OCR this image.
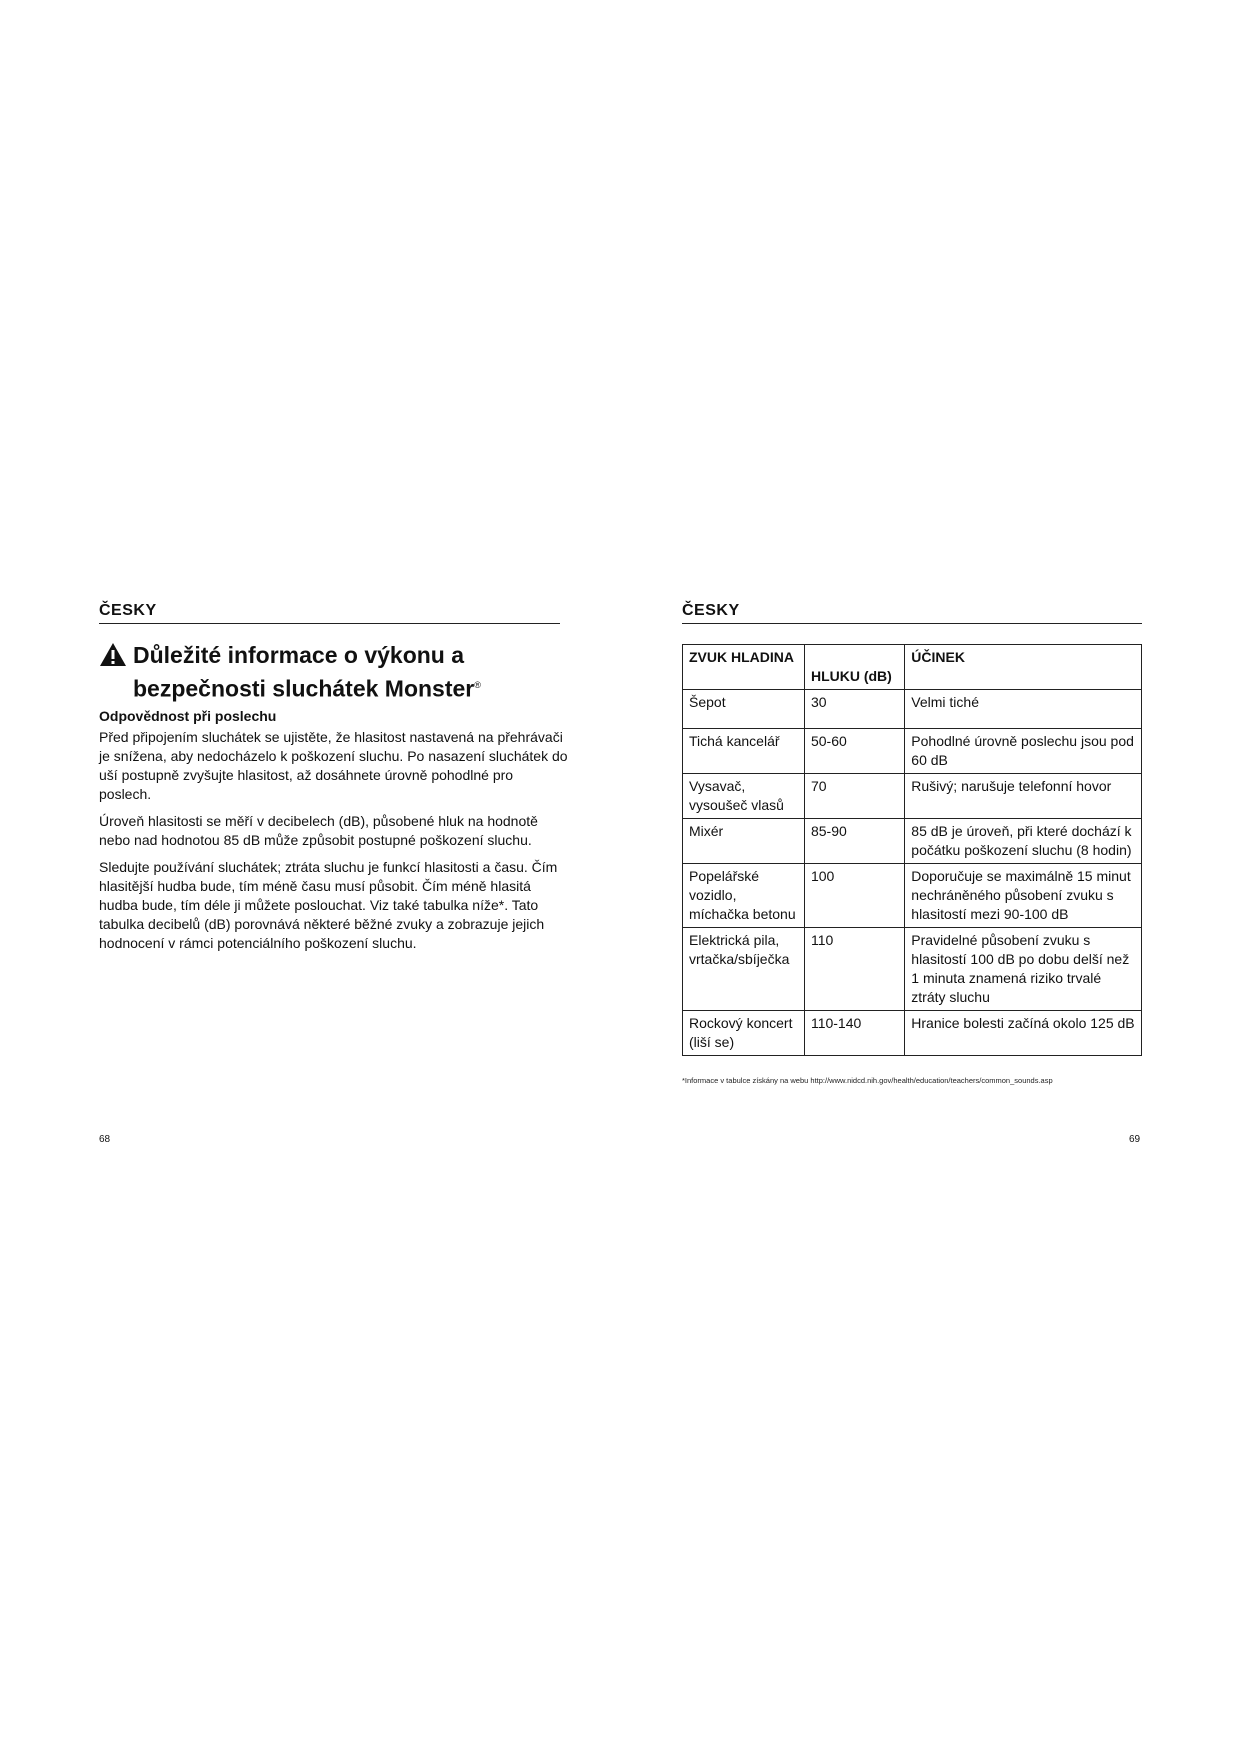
ČESKY
Důležité informace o výkonu a
bezpečnosti sluchátek Monster®
Odpovědnost při poslechu

Před připojením sluchátek se ujistěte, že hlasitost nastavená na přehrávači je snížena, aby nedocházelo k poškození sluchu. Po nasazení sluchátek do uší postupně zvyšujte hlasitost, až dosáhnete úrovně pohodlné pro poslech.

Úroveň hlasitosti se měří v decibelech (dB), působené hluk na hodnotě nebo nad hodnotou 85 dB může způsobit postupné poškození sluchu.

Sledujte používání sluchátek; ztráta sluchu je funkcí hlasitosti a času. Čím hlasitější hudba bude, tím méně času musí působit. Čím méně hlasitá hudba bude, tím déle ji můžete poslouchat. Viz také tabulka níže*. Tato tabulka decibelů (dB) porovnává některé běžné zvuky a zobrazuje jejich hodnocení v rámci potenciálního poškození sluchu.

68
ČESKY
ZVUK HLADINA	HLUKU (dB)	ÚČINEK
Šepot	30	Velmi tiché
Tichá kancelář	50-60	Pohodlné úrovně poslechu jsou pod 60 dB
Vysavač, vysoušeč vlasů	70	Rušivý; narušuje telefonní hovor
Mixér	85-90	85 dB je úroveň, při které dochází k počátku poškození sluchu (8 hodin)
Popelářské vozidlo, míchačka betonu	100	Doporučuje se maximálně 15 minut nechráněného působení zvuku s hlasitostí mezi 90-100 dB
Elektrická pila, vrtačka/sbíječka	110	Pravidelné působení zvuku s hlasitostí 100 dB po dobu delší než 1 minuta znamená riziko trvalé ztráty sluchu
Rockový koncert (liší se)	110-140	Hranice bolesti začíná okolo 125 dB
*Informace v tabulce získány na webu http://www.nidcd.nih.gov/health/education/teachers/common_sounds.asp
69
